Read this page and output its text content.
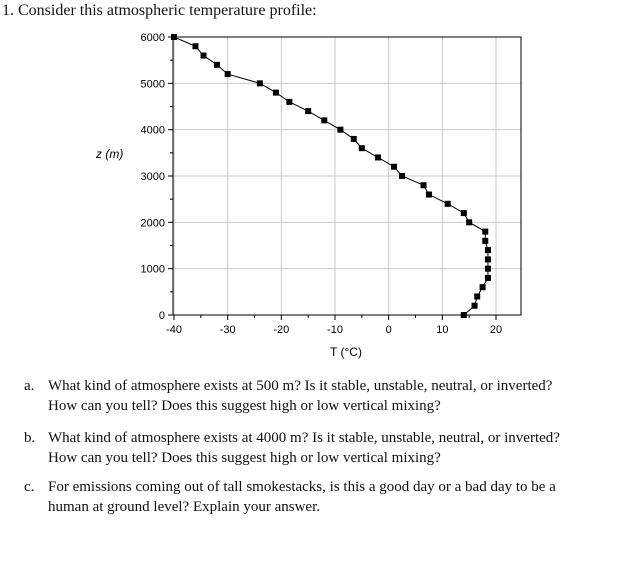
1. Consider this atmospheric temperature profile:
0
1000
2000
3000
4000
5000
6000
-40	-30	-20	-10	0	10	20
z (m)
T (°C)
a. What kind of atmosphere exists at 500 m? Is it stable, unstable, neutral, or inverted?
How can you tell? Does this suggest high or low vertical mixing?
b. What kind of atmosphere exists at 4000 m? Is it stable, unstable, neutral, or inverted?
How can you tell? Does this suggest high or low vertical mixing?
c. For emissions coming out of tall smokestacks, is this a good day or a bad day to be a
human at ground level? Explain your answer.
